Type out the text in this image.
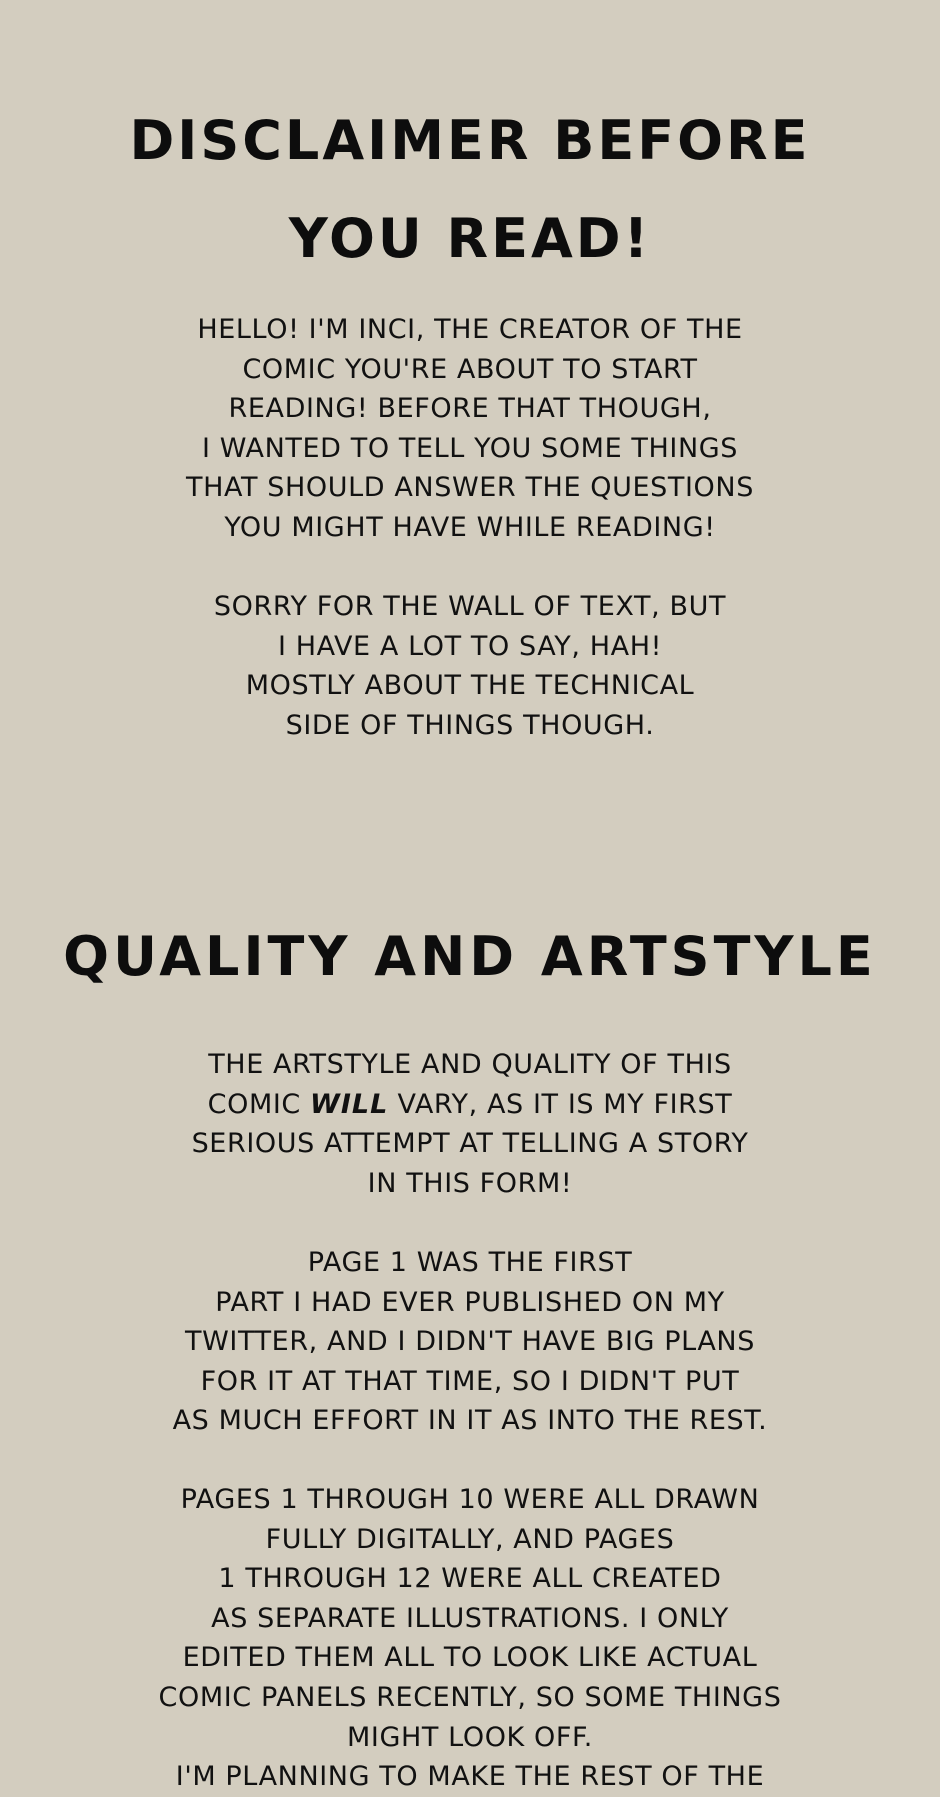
DISCLAIMER BEFORE
YOU READ!

HELLO! I'M INCI, THE CREATOR OF THE
COMIC YOU'RE ABOUT TO START
READING! BEFORE THAT THOUGH,
I WANTED TO TELL YOU SOME THINGS
THAT SHOULD ANSWER THE QUESTIONS
YOU MIGHT HAVE WHILE READING!

SORRY FOR THE WALL OF TEXT, BUT
I HAVE A LOT TO SAY, HAH!
MOSTLY ABOUT THE TECHNICAL
SIDE OF THINGS THOUGH.

QUALITY AND ARTSTYLE

THE ARTSTYLE AND QUALITY OF THIS
COMIC WILL VARY, AS IT IS MY FIRST
SERIOUS ATTEMPT AT TELLING A STORY
IN THIS FORM!

PAGE 1 WAS THE FIRST
PART I HAD EVER PUBLISHED ON MY
TWITTER, AND I DIDN'T HAVE BIG PLANS
FOR IT AT THAT TIME, SO I DIDN'T PUT
AS MUCH EFFORT IN IT AS INTO THE REST.

PAGES 1 THROUGH 10 WERE ALL DRAWN
FULLY DIGITALLY, AND PAGES
1 THROUGH 12 WERE ALL CREATED
AS SEPARATE ILLUSTRATIONS. I ONLY
EDITED THEM ALL TO LOOK LIKE ACTUAL
COMIC PANELS RECENTLY, SO SOME THINGS
MIGHT LOOK OFF.
I'M PLANNING TO MAKE THE REST OF THE
